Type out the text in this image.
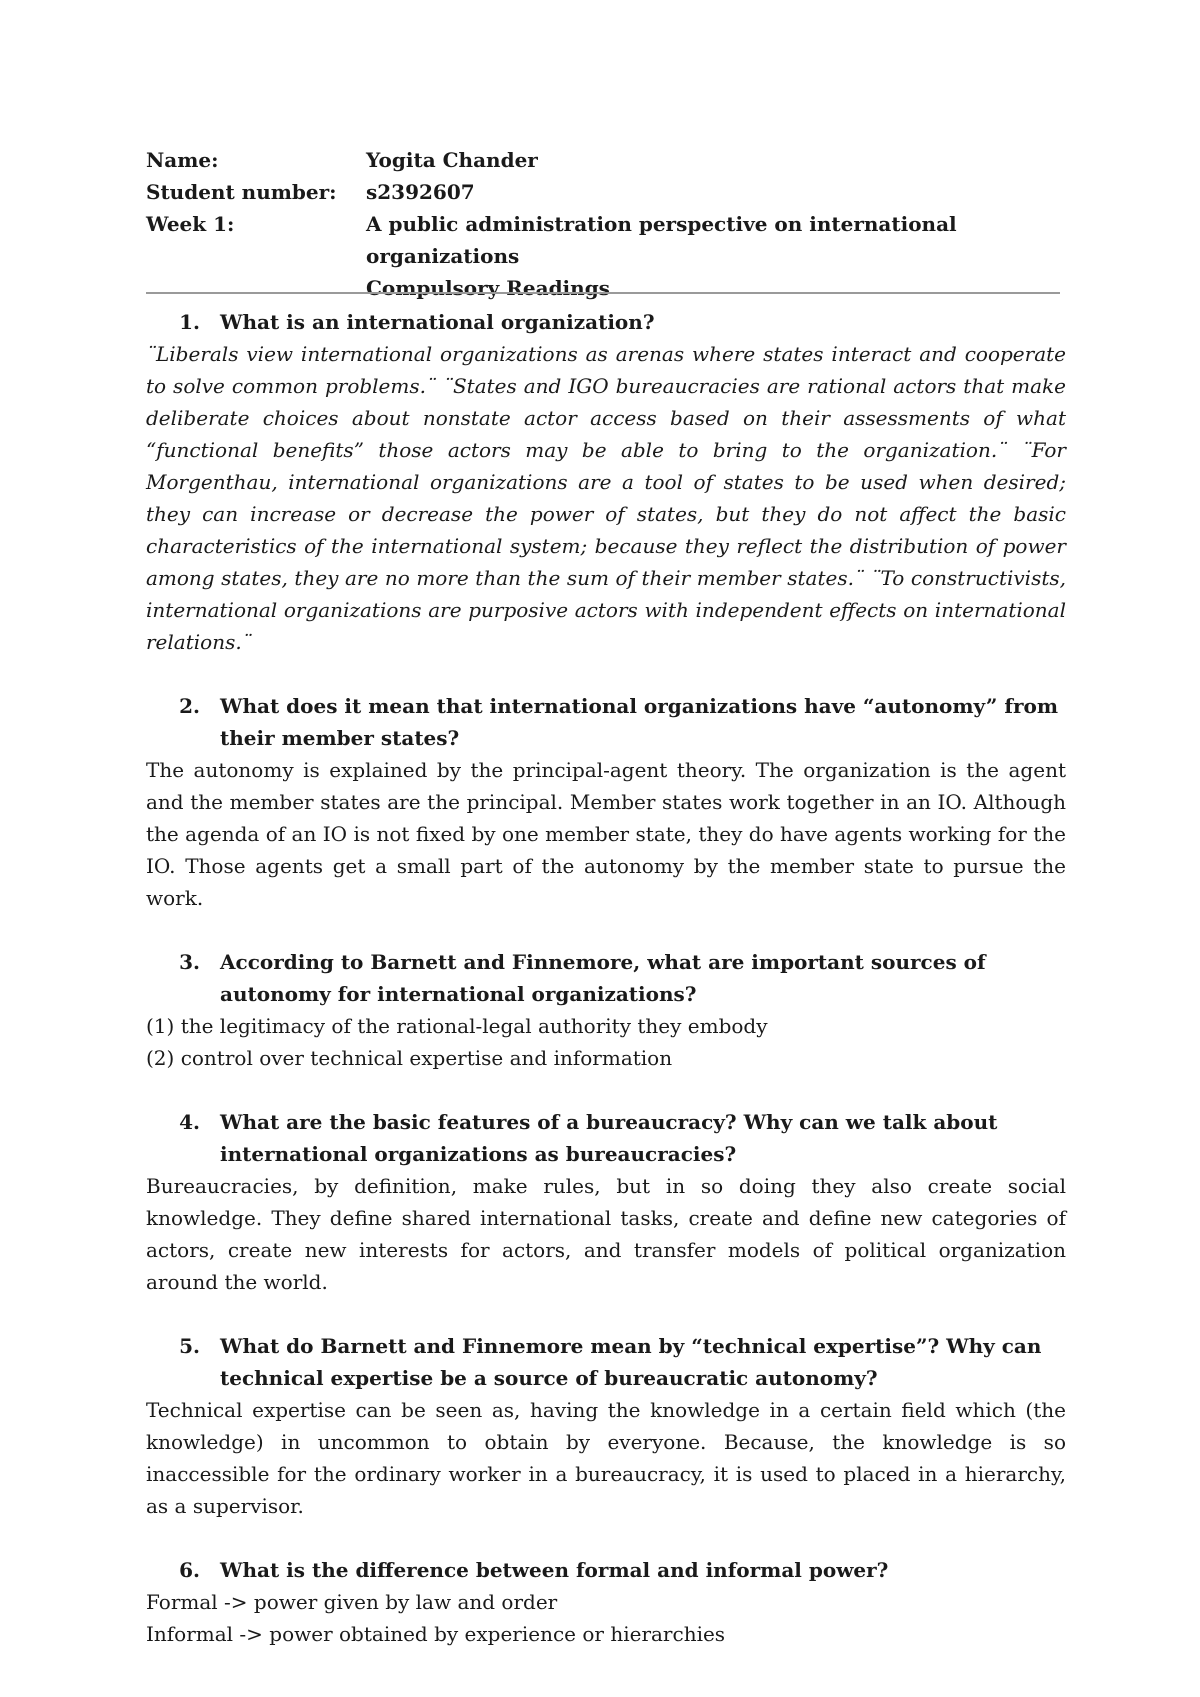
Name:	Yogita Chander
Student number:	s2392607
Week 1:	A public administration perspective on international organizations
Compulsory Readings
1.	What is an international organization?
¨Liberals view international organizations as arenas where states interact and cooperate to solve common problems.¨ ¨States and IGO bureaucracies are rational actors that make deliberate choices about nonstate actor access based on their assessments of what “functional benefits” those actors may be able to bring to the organization.¨ ¨For Morgenthau, international organizations are a tool of states to be used when desired; they can increase or decrease the power of states, but they do not affect the basic characteristics of the international system; because they reflect the distribution of power among states, they are no more than the sum of their member states.¨ ¨To constructivists, international organizations are purposive actors with independent effects on international relations.¨
2.	What does it mean that international organizations have “autonomy” from their member states?
The autonomy is explained by the principal-agent theory. The organization is the agent and the member states are the principal. Member states work together in an IO. Although the agenda of an IO is not fixed by one member state, they do have agents working for the IO. Those agents get a small part of the autonomy by the member state to pursue the work.
3.	According to Barnett and Finnemore, what are important sources of autonomy for international organizations?
(1) the legitimacy of the rational-legal authority they embody
(2) control over technical expertise and information
4.	What are the basic features of a bureaucracy? Why can we talk about international organizations as bureaucracies?
Bureaucracies, by definition, make rules, but in so doing they also create social knowledge. They define shared international tasks, create and define new categories of actors, create new interests for actors, and transfer models of political organization around the world.
5.	What do Barnett and Finnemore mean by “technical expertise”? Why can technical expertise be a source of bureaucratic autonomy?
Technical expertise can be seen as, having the knowledge in a certain field which (the knowledge) in uncommon to obtain by everyone. Because, the knowledge is so inaccessible for the ordinary worker in a bureaucracy, it is used to placed in a hierarchy, as a supervisor.
6.	What is the difference between formal and informal power?
Formal -> power given by law and order
Informal -> power obtained by experience or hierarchies
